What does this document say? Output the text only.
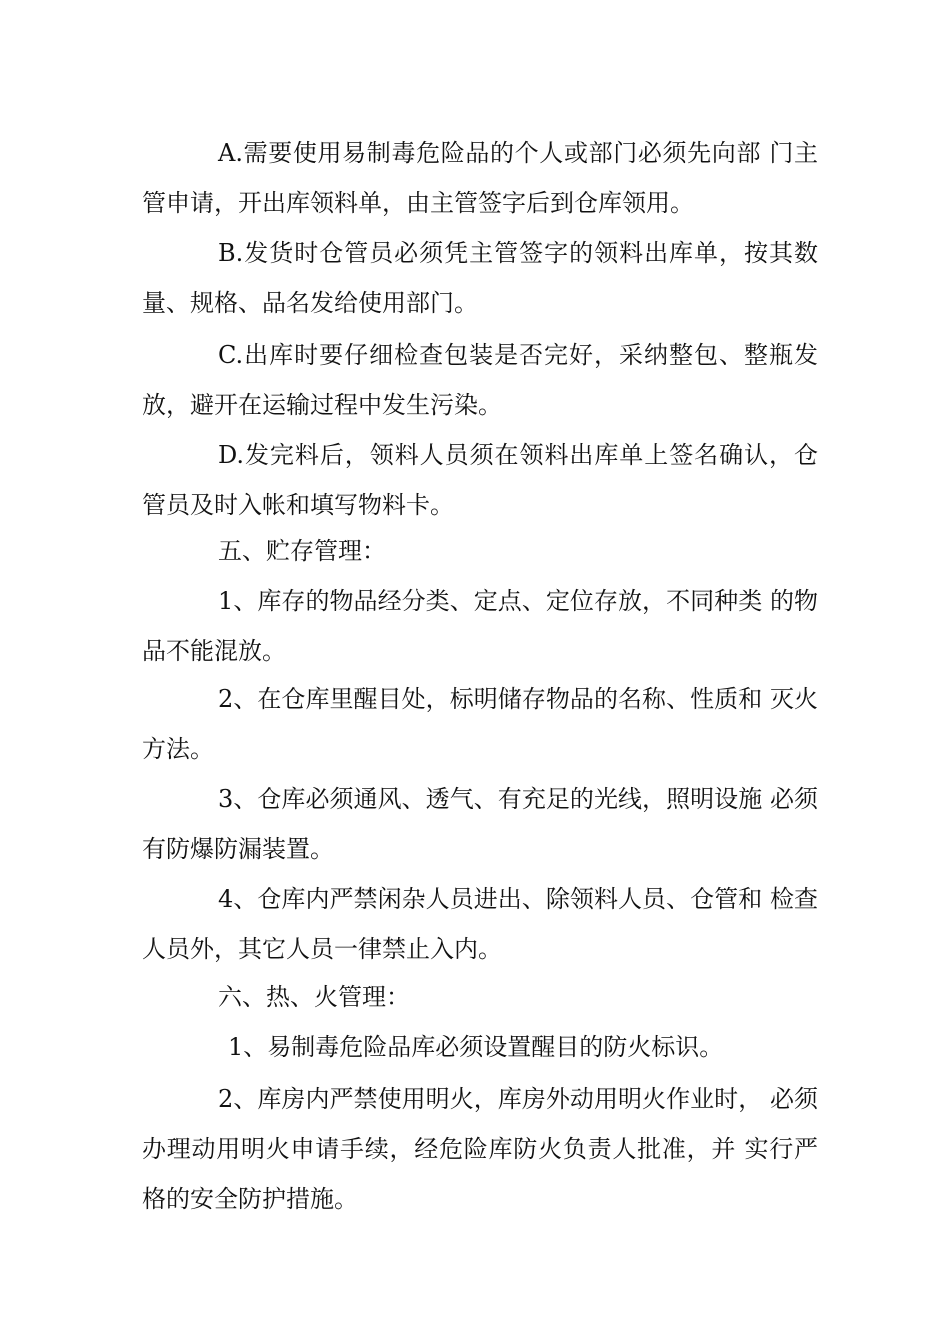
A.需要使用易制毒危险品的个人或部门必须先向部 门主管申请，开出库领料单，由主管签字后到仓库领用。

B.发货时仓管员必须凭主管签字的领料出库单，按其数量、规格、品名发给使用部门。

C.出库时要仔细检查包装是否完好，采纳整包、整瓶发放，避开在运输过程中发生污染。

D.发完料后，领料人员须在领料出库单上签名确认，仓管员及时入帐和填写物料卡。

五、贮存管理：

1、库存的物品经分类、定点、定位存放，不同种类 的物品不能混放。

2、在仓库里醒目处，标明储存物品的名称、性质和 灭火方法。

3、仓库必须通风、透气、有充足的光线，照明设施 必须有防爆防漏装置。

4、仓库内严禁闲杂人员进出、除领料人员、仓管和 检查人员外，其它人员一律禁止入内。

六、热、火管理：

1、易制毒危险品库必须设置醒目的防火标识。

2、库房内严禁使用明火，库房外动用明火作业时， 必须办理动用明火申请手续，经危险库防火负责人批准，并 实行严格的安全防护措施。
